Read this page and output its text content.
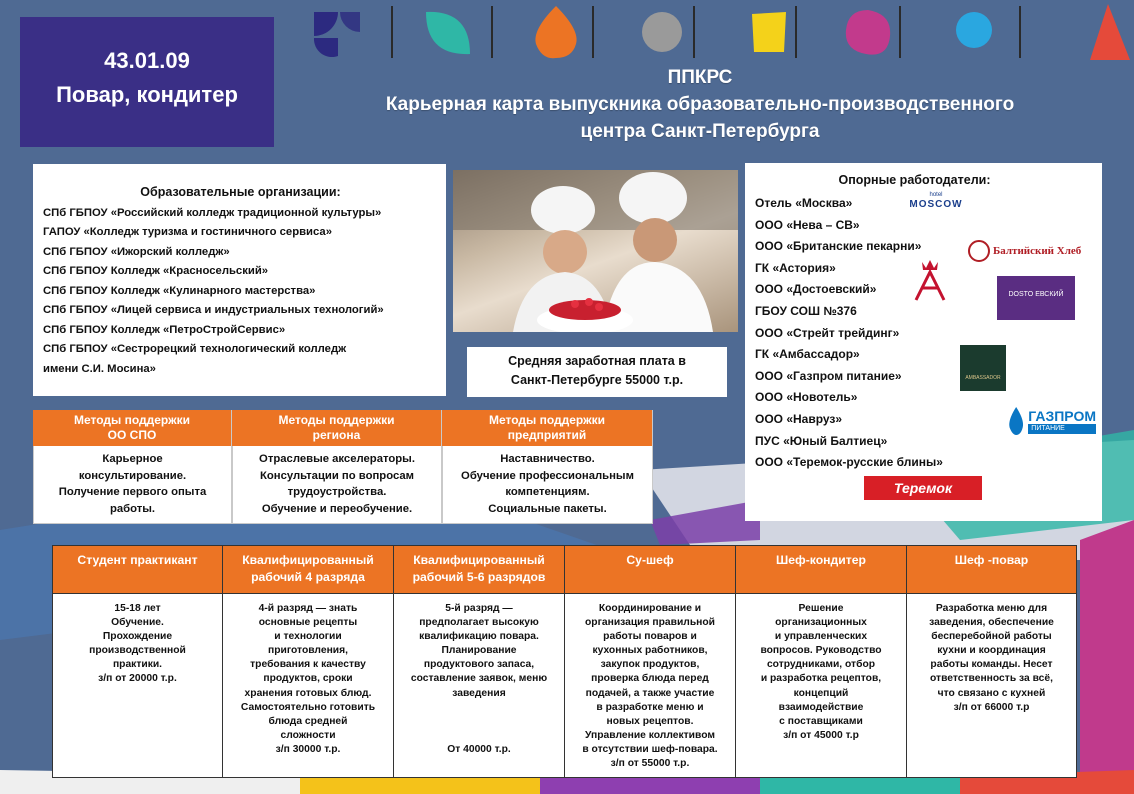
43.01.09
Повар, кондитер
ППКРС
Карьерная карта выпускника образовательно-производственного
центра Санкт-Петербурга
Образовательные организации:
СПб ГБПОУ «Российский колледж традиционной культуры»
ГАПОУ «Колледж туризма и гостиничного сервиса»
СПб ГБПОУ «Ижорский колледж»
СПб ГБПОУ Колледж «Красносельский»
СПб ГБПОУ Колледж «Кулинарного мастерства»
СПб ГБПОУ «Лицей сервиса и индустриальных технологий»
СПб ГБПОУ Колледж «ПетроСтройСервис»
СПб ГБПОУ «Сестрорецкий технологический колледж
имени С.И. Мосина»
Средняя заработная плата в
Санкт-Петербурге 55000 т.р.
Опорные работодатели:
Отель «Москва»
ООО «Нева – СВ»
ООО «Британские пекарни»
ГК «Астория»
ООО «Достоевский»
ГБОУ СОШ №376
ООО «Стрейт трейдинг»
ГК «Амбассадор»
ООО «Газпром питание»
ООО «Новотель»
ООО «Навруз»
ПУС «Юный Балтиец»
ООО «Теремок-русские блины»
hotel
MOSCOW
Балтийский Хлеб
DOSTO ЕВСКИЙ
AMBASSADOR
ГАЗПРОМ
ПИТАНИЕ
Теремок
Методы поддержки
ОО СПО
Карьерное
консультирование.
Получение первого опыта
работы.
Методы поддержки
региона
Отраслевые акселераторы.
Консультации по вопросам
трудоустройства.
Обучение и переобучение.
Методы поддержки
предприятий
Наставничество.
Обучение профессиональным
компетенциям.
Социальные пакеты.
Студент практикант
15-18 лет
Обучение.
Прохождение
производственной
практики.
з/п от 20000 т.р.
Квалифицированный
рабочий 4 разряда
4-й разряд — знать
основные рецепты
и технологии
приготовления,
требования к качеству
продуктов, сроки
хранения готовых блюд.
Самостоятельно готовить
блюда средней
сложности
з/п 30000 т.р.
Квалифицированный
рабочий 5-6 разрядов
5-й разряд —
предполагает высокую
квалификацию повара.
Планирование
продуктового запаса,
составление заявок, меню
заведения

От 40000 т.р.
Су-шеф
Координирование и
организация правильной
работы поваров и
кухонных работников,
закупок продуктов,
проверка блюда перед
подачей, а также участие
в разработке меню и
новых рецептов.
Управление коллективом
в отсутствии шеф-повара.
з/п от 55000 т.р.
Шеф-кондитер
Решение
организационных
и управленческих
вопросов. Руководство
сотрудниками, отбор
и разработка рецептов,
концепций
взаимодействие
с поставщиками
з/п от 45000 т.р
Шеф -повар
Разработка меню для
заведения, обеспечение
бесперебойной работы
кухни и координация
работы команды. Несет
ответственность за всё,
что связано с кухней
з/п от 66000 т.р
